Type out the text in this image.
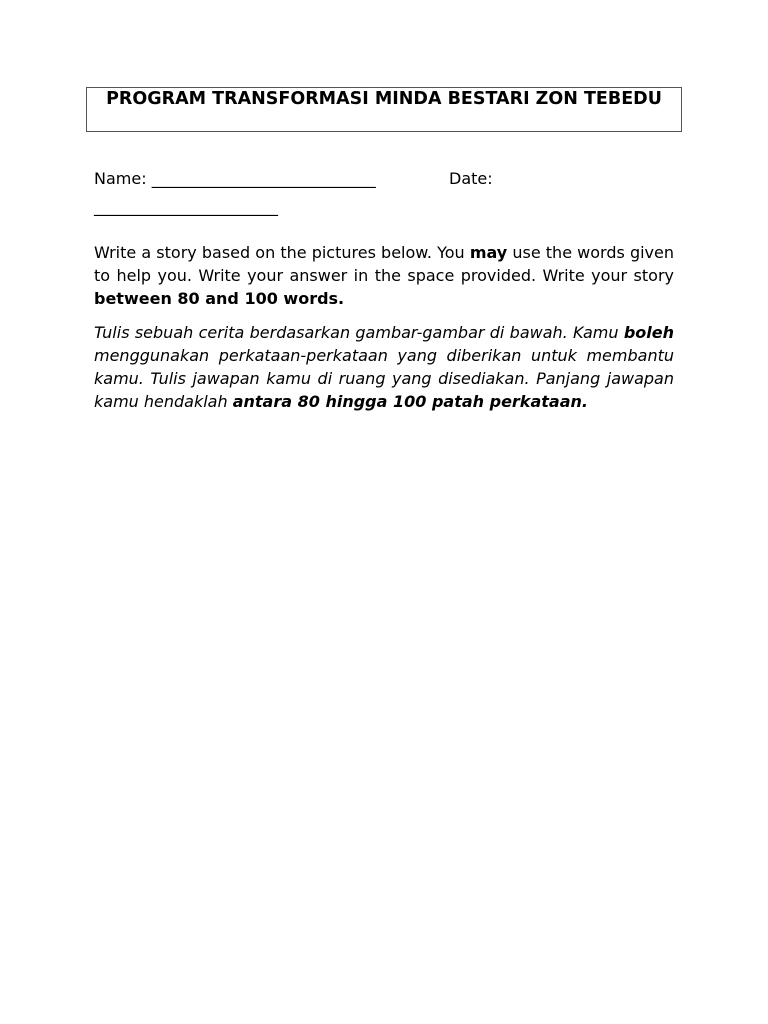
PROGRAM TRANSFORMASI MINDA BESTARI ZON TEBEDU
Name: ____________________________	Date:
_______________________

Write a story based on the pictures below. You may use the words given to help you. Write your answer in the space provided. Write your story between 80 and 100 words.

Tulis sebuah cerita berdasarkan gambar-gambar di bawah. Kamu boleh menggunakan perkataan-perkataan yang diberikan untuk membantu kamu. Tulis jawapan kamu di ruang yang disediakan. Panjang jawapan kamu hendaklah antara 80 hingga 100 patah perkataan.
